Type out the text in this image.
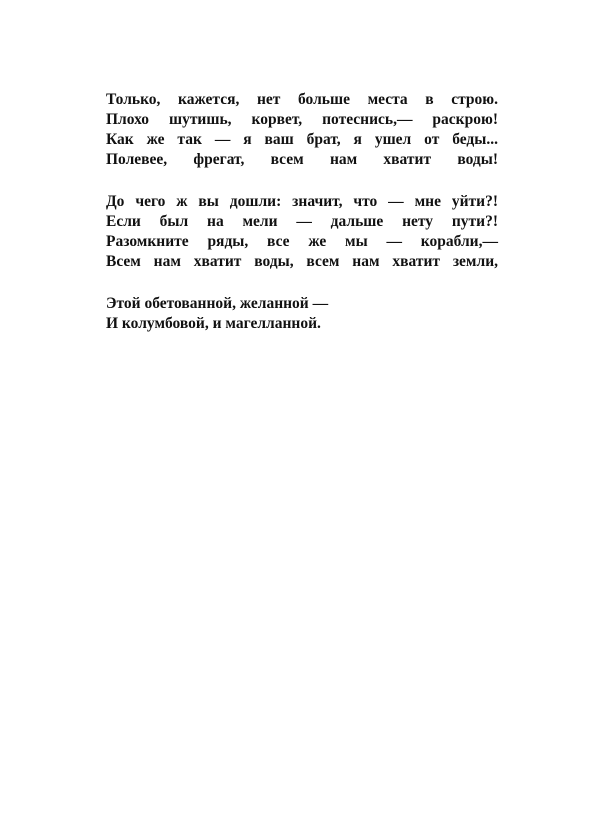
Только, кажется, нет больше места в строю.
Плохо шутишь, корвет, потеснись,— раскрою!
Как же так — я ваш брат, я ушел от беды...
Полевее, фрегат, всем нам хватит воды!
До чего ж вы дошли: значит, что — мне уйти?!
Если был на мели — дальше нету пути?!
Разомкните ряды, все же мы — корабли,—
Всем нам хватит воды, всем нам хватит земли,
Этой обетованной, желанной —
И колумбовой, и магелланной.
